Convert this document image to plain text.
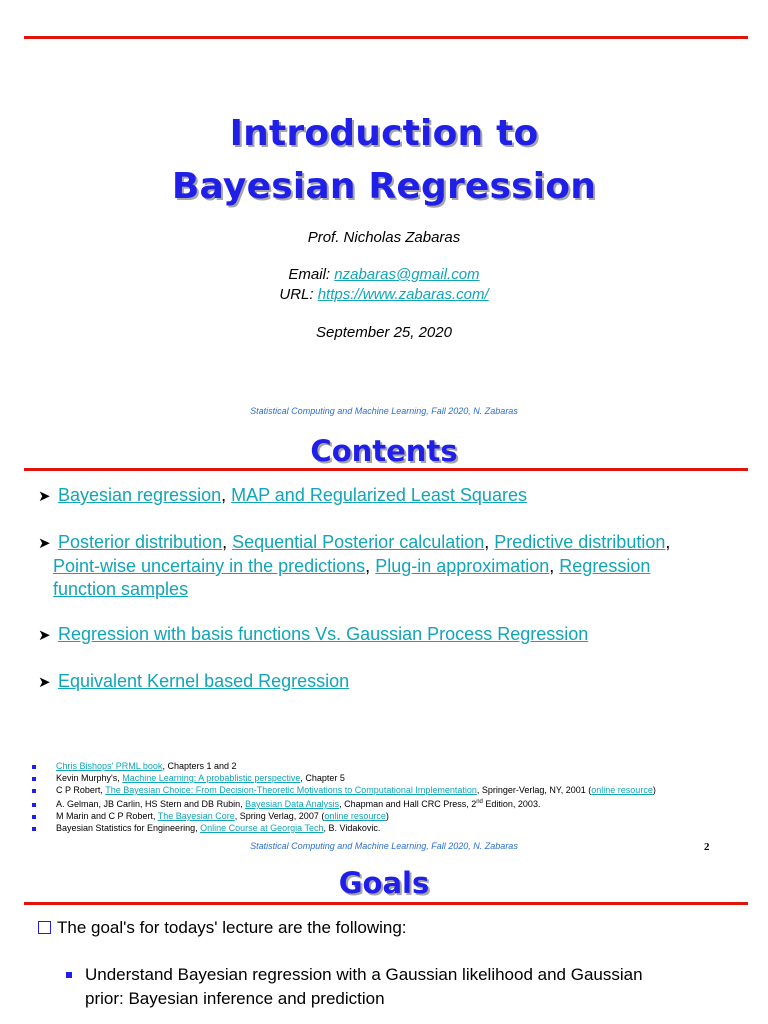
Introduction to
Bayesian Regression
Prof. Nicholas Zabaras
Email: nzabaras@gmail.com
URL: https://www.zabaras.com/
September 25, 2020
Statistical Computing and Machine Learning, Fall 2020, N. Zabaras
Contents
➤ Bayesian regression, MAP and Regularized Least Squares
➤ Posterior distribution, Sequential Posterior calculation, Predictive distribution,
Point-wise uncertainy in the predictions, Plug-in approximation, Regression
function samples
➤ Regression with basis functions Vs. Gaussian Process Regression
➤ Equivalent Kernel based Regression
Chris Bishops' PRML book, Chapters 1 and 2
Kevin Murphy's, Machine Learning: A probablistic perspective, Chapter 5
C P Robert, The Bayesian Choice: From Decision-Theoretic Motivations to Computational Implementation, Springer-Verlag, NY, 2001 (online resource)
A. Gelman, JB Carlin, HS Stern and DB Rubin, Bayesian Data Analysis, Chapman and Hall CRC Press, 2nd Edition, 2003.
M Marin and C P Robert, The Bayesian Core, Spring Verlag, 2007 (online resource)
Bayesian Statistics for Engineering, Online Course at Georgia Tech, B. Vidakovic.
Statistical Computing and Machine Learning, Fall 2020, N. Zabaras	2
Goals
The goal's for todays' lecture are the following:
Understand Bayesian regression with a Gaussian likelihood and Gaussian
prior: Bayesian inference and prediction
